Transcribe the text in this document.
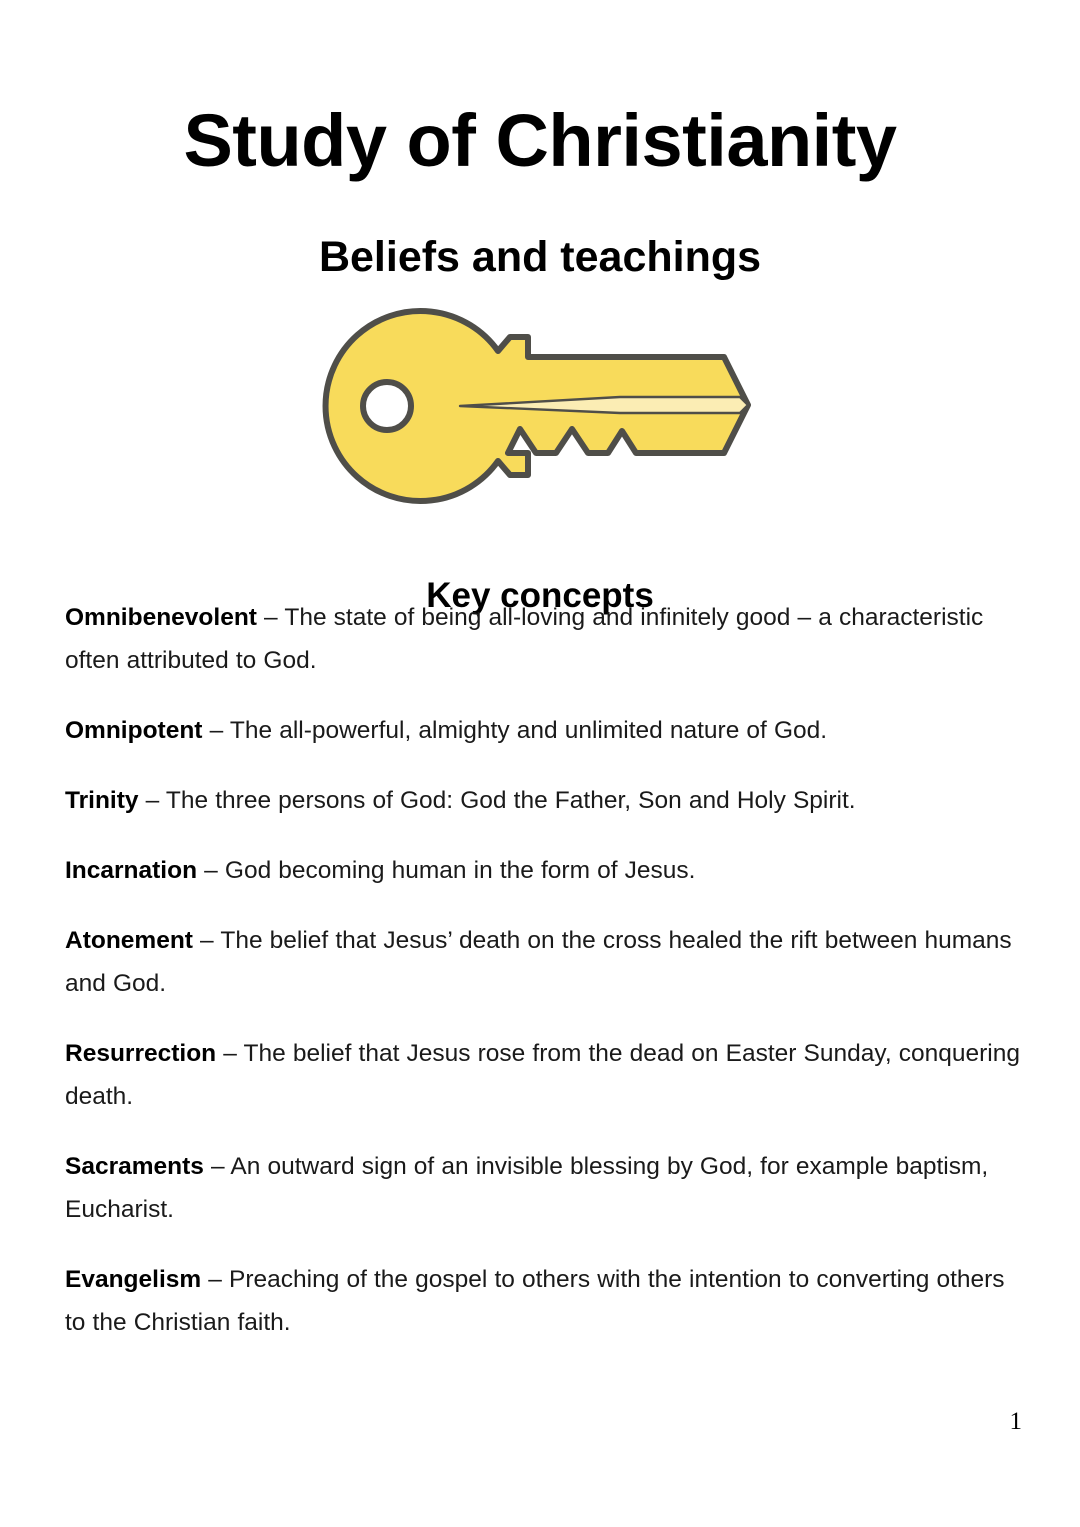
Study of Christianity
Beliefs and teachings
Key concepts

Omnibenevolent – The state of being all-loving and infinitely good – a characteristic often attributed to God.

Omnipotent – The all-powerful, almighty and unlimited nature of God.

Trinity – The three persons of God: God the Father, Son and Holy Spirit.

Incarnation – God becoming human in the form of Jesus.

Atonement – The belief that Jesus’ death on the cross healed the rift between humans and God.

Resurrection – The belief that Jesus rose from the dead on Easter Sunday, conquering death.

Sacraments – An outward sign of an invisible blessing by God, for example baptism, Eucharist.

Evangelism – Preaching of the gospel to others with the intention to converting others to the Christian faith.

1
